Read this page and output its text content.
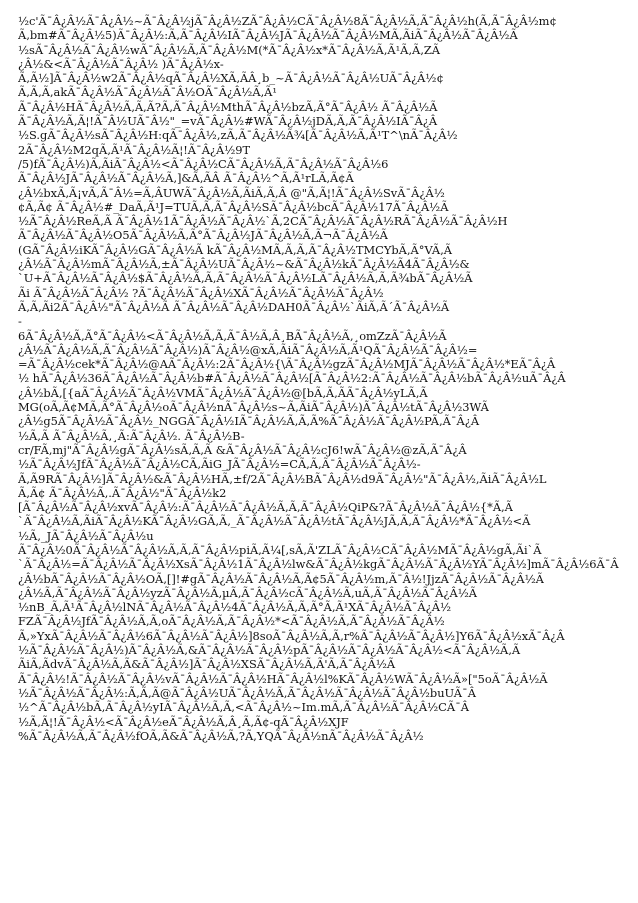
½c'Ã¯Â¿Â½Ã¯Â¿Â½~Ã¯Â¿Â½jÃ¯Â¿Â½ZÃ¯Â¿Â½CÃ¯Â¿Â½8Ã¯Â¿Â½Ã‚Ã¯Â¿Â½h(Ã‚Ã¯Â¿Â½m¢
Ã‚bm#Ã¯Â¿Â½5)Ã¯Â¿Â½:Ã‚Ã¯Â¿Â½IÃ¯Â¿Â½JÃ¯Â¿Â½Ã¯Â¿Â½MÃ‚ÃiÃ¯Â¿Â½Ã¯Â¿Â½Ã
½sÃ¯Â¿Â½Ã¯Â¿Â½wÃ¯Â¿Â½Ã‚Ã¯Â¿Â½M(*Ã¯Â¿Â½x*Ã¯Â¿Â½Ã‚Ã¹Ã‚Ã‚ZÃ
¿Â½&<Ã¯Â¿Â½Ã¯Â¿Â½ )Ã¯Â¿Â½x-
Ã‚Ã½]Ã¯Â¿Â½w2Ã¯Â¿Â½qÃ¯Â¿Â½XÃ‚ÃÂ¸b_~Ã¯Â¿Â½Ã¯Â¿Â½UÃ¯Â¿Â½¢
Ã‚Ã‚Ã‚akÃ¯Â¿Â½Ã¯Â¿Â½Ã¯Â½OÃ¯Â¿Â½Ã‚Ã¹
Ã¯Â¿Â½HÃ¯Â¿Â½Ã‚Ã‚Ã?Ã‚Ã¯Â¿Â½MthÃ¯Â¿Â½bzÃ‚Ã°Ã¯Â¿Â½ Ã¯Â¿Â½Ã
Ã¯Â¿Â½Ã‚Ã¦!Ã¯Â½UÃ¯Â½"_=vÃ¯Â¿Â½#WÃ¯Â¿Â½jDÃ‚Ã‚Ã¯Â¿Â½IÃ¯Â¿Â
½S.gÃ¯Â¿Â½sÃ¯Â¿Â½H:qÃ¯Â¿Â½,zÃ‚Ã¯Â¿Â½Ã¾[Ã¯Â¿Â½Ã‚Ã¹T^\nÃ¯Â¿Â½
2Ã¯Â¿Â½M2qÃ‚Ã¹Ã¯Â¿Â½Ã¦!Ã¯Â¿Â½9T
/5)fÃ¯Â¿Â½)Ã‚ÃiÃ¯Â¿Â½<Ã¯Â¿Â½CÃ¯Â¿Â½Ã‚Ã¯Â¿Â½Ã¯Â¿Â½6
Ã¯Â¿Â½JÃ¯Â¿Â½Ã¯Â¿Â½Ã‚]&Ã‚ÃÂ Ã¯Â¿Â½^Ã‚Ã¹rLÃ‚Ã¢Ã
¿Â½bxÃ‚Ã¡vÃ‚Ã¯Â½=Ã‚ÂUWÃ¯Â¿Â½Ã‚ÃiÃ‚Ã‚Â @"Ã‚Ã¦!Ã¯Â¿Â½SvÃ¯Â¿Â½
¢Ã‚Ã¢ Ã¯Â¿Â½#_DaÃ‚Ã¹J=TUÃ‚Ã‚Ã¯Â¿Â½SÃ¯Â¿Â½bcÃ¯Â¿Â½17Ã¯Â¿Â½Ã
½Ã¯Â¿Â½ReÃ‚Ã Ã¯Â¿Â½1Ã¯Â¿Â½Ã¯Â¿Â½`Ã‚2CÃ¯Â¿Â½Ã¯Â¿Â½RÃ¯Â¿Â½Ã¯Â¿Â½H
Ã¯Â¿Â½Ã¯Â¿Â½O5Ã¯Â¿Â½Ã‚Ã°Ã¯Â¿Â½JÃ¯Â¿Â½Ã‚Ã¬Ã¯Â¿Â½Ã
(GÃ¯Â¿Â½iKÃ¯Â¿Â½GÃ¯Â¿Â½Ã kÃ¯Â¿Â½MÃ‚Ã‚Ã‚Ã¯Â¿Â½TMCYbÃ‚Ã°VÃ‚Ã
¿Â½Ã¯Â¿Â½mÃ¯Â¿Â½Ã‚±Ã¯Â¿Â½UÃ¯Â¿Â½~&Ã¯Â¿Â½kÃ¯Â¿Â½Ã4Ã¯Â¿Â½&
`U+Ã¯Â¿Â½Ã¯Â¿Â½$Ã¯Â¿Â½Ã‚Ã‚Ã¯Â¿Â½Ã¯Â¿Â½LÃ¯Â¿Â½Ã‚Ã‚Ã¾bÃ¯Â¿Â½Ã
Ãi Ã¯Â¿Â½Ã¯Â¿Â½ ?Ã¯Â¿Â½Ã¯Â¿Â½XÃ¯Â¿Â½Ã¯Â¿Â½Ã¯Â¿Â½
Ã‚Ã‚Ãi2Ã¯Â¿Â½"Ã¯Â¿Â½Ã Ã¯Â¿Â½Ã¯Â¿Â½DAH0Ã¯Â¿Â½`ÃiÃ‚Ã´Ã¯Â¿Â½Ã
-
6Ã¯Â¿Â½Ã‚Ã°Ã¯Â¿Â½<Ã¯Â¿Â½Ã‚Ã‚Ã¯Â½Ã‚Â¸BÃ¯Â¿Â½Ã‚¸omZzÃ¯Â¿Â½Ã
¿Â½Ã¯Â¿Â½Ã,Ã¯Â¿Â½Ã¯Â¿Â½)Ã¯Â¿Â½@xÃ‚ÃiÃ¯Â¿Â½Ã‚Ã¹QÃ¯Â¿Â½Ã¯Â¿Â½=
=Ã¯Â¿Â½cek*Ã¯Â¿Â½@AÃ¯Â¿Â½:2Ã¯Â¿Â½{\Ã¯Â¿Â½gzÃ¯Â¿Â½MJÃ¯Â¿Â½Ã¯Â¿Â½*EÃ¯Â¿Â
½ hÃ¯Â¿Â½36Ã¯Â¿Â½Ã¯Â¿Â½b#Ã¯Â¿Â½Ã¯Â¿Â½[Ã¯Â¿Â½2:Ã¯Â¿Â½Ã¯Â¿Â½bÃ¯Â¿Â½uÃ¯Â¿Â
¿Â½bÃ‚[{aÃ¯Â¿Â½Ã¯Â¿Â½VMÃ¯Â¿Â½Ã¯Â¿Â½@[bÃ‚Ã‚ÃÃ¯Â¿Â½yLÃ‚Ã
MG(oÃ‚Ã¢MÃ‚Ã°Ã¯Â¿Â½oÃ¯Â¿Â½nÃ¯Â¿Â½s~Ã‚ÃiÃ¯Â¿Â½)Ã¯Â¿Â½tÃ¯Â¿Â½3WÃ
¿Â½g5Ã¯Â¿Â½Ã¯Â¿Â½_NGGÃ¯Â¿Â½IÃ¯Â¿Â½Ã‚Ã‚Ã%Ã¯Â¿Â½Ã¯Â¿Â½PÃ‚Ã¯Â¿Â
½Ã‚Ã Ã¯Â¿Â½Ã‚¸Ã:Ã¯Â¿Â½. Ã¯Â¿Â½B-
cr/FÃ‚mj"Ã¯Â¿Â½gÃ¯Â¿Â½sÃ‚Ã‚Ã &Ã¯Â¿Â½Ã¯Â¿Â½cJ6!wÃ¯Â¿Â½@zÃ‚Ã¯Â¿Â
½Ã¯Â¿Â½JfÃ¯Â¿Â½Ã¯Â¿Â½CÃ‚ÃiG_JÃ¯Â¿Â½=CÃ‚Ã‚Ã¯Â¿Â½Ã¯Â¿Â½-
Ã‚Ã9RÃ¯Â¿Â½]Ã¯Â¿Â½&Ã¯Â¿Â½HÃ‚±f/2Ã¯Â¿Â½BÃ¯Â¿Â½d9Ã¯Â¿Â½"Ã¯Â¿Â½,ÃiÃ¯Â¿Â½L
Ã‚Ã¢ Ã¯Â¿Â½Ã‚.Ã¯Â¿Â½"Ã¯Â¿Â½k2
[Ã¯Â¿Â½Ã¯Â¿Â½xvÃ¯Â¿Â½:Ã¯Â¿Â½Ã¯Â¿Â½Ã‚Ã‚Ã¯Â¿Â½QiP&?Ã¯Â¿Â½Ã¯Â¿Â½{*Ã‚Ã
`Ã¯Â¿Â½Ã‚ÃiÃ¯Â¿Â½KÃ¯Â¿Â½GÃ‚Ã‚_Ã¯Â¿Â½Ã¯Â¿Â½tÃ¯Â¿Â½JÃ‚Ã‚Ã¯Â¿Â½*Ã¯Â¿Â½<Ã
½Ã‚_JÃ¯Â¿Â½Ã¯Â¿Â½u
Ã¯Â¿Â½0Ã¯Â¿Â½Ã¯Â¿Â½Ã‚Ã‚Ã¯Â¿Â½piÃ‚Ã¼[,sÃ‚Ã'ZLÃ¯Â¿Â½CÃ¯Â¿Â½MÃ¯Â¿Â½gÃ‚Ãi`Ã
`Ã¯Â¿Â½=Ã¯Â¿Â½Ã¯Â¿Â½XsÃ¯Â¿Â½1Ã¯Â¿Â½lw&Ã¯Â¿Â½kgÃ¯Â¿Â½Ã¯Â¿Â½YÃ¯Â¿Â½]mÃ¯Â¿Â½6Ã¯Â
¿Â½bÃ¯Â¿Â½Ã¯Â¿Â½OÃ‚[]!#gÃ¯Â¿Â½Ã¯Â¿Â½Ã‚Ã¢5Ã¯Â¿Â½m,Ã¯Â½!JjzÃ¯Â¿Â½Ã¯Â¿Â½Ã
¿Â½Ã‚Ã¯Â¿Â½Ã¯Â¿Â½yzÃ¯Â¿Â½Ã‚µÃ‚Ã¯Â¿Â½cÃ¯Â¿Â½Ã‚uÃ‚Ã¯Â¿Â½Ã¯Â¿Â½Ã
½nB_Ã‚Ã¹Ã¯Â¿Â½lNÃ¯Â¿Â½Ã¯Â¿Â½4Ã¯Â¿Â½Ã‚Ã‚Ã°Ã‚Ã¹XÃ¯Â¿Â½Ã¯Â¿Â½
FZÃ¯Â¿Â½JfÃ¯Â¿Â½Ã‚Ã‚oÃ¯Â¿Â½Ã‚Ã¯Â¿Â½*<Ã¯Â¿Â½Ã‚Ã¯Â¿Â½Ã¯Â¿Â½
Ã‚»YxÃ¯Â¿Â½Ã¯Â¿Â½6Ã¯Â¿Â½Ã¯Â¿Â½]8soÃ¯Â¿Â½Ã‚Ã‚r%Ã¯Â¿Â½Ã¯Â¿Â½]Y6Ã¯Â¿Â½xÃ¯Â¿Â
½Ã¯Â¿Â½Ã¯Â¿Â½)Ã¯Â¿Â½Ã‚&Ã¯Â¿Â½Ã¯Â¿Â½pÃ¯Â¿Â½Ã¯Â¿Â½Ã¯Â¿Â½<Ã¯Â¿Â½Ã‚Ã
ÃiÃ‚ÃdvÃ¯Â¿Â½Ã‚Ã&Ã¯Â¿Â½]Ã¯Â¿Â½XSÃ¯Â¿Â½Ã‚Ã'Ã‚Ã¯Â¿Â½Ã
Ã¯Â¿Â½!Ã¯Â¿Â½Ã¯Â¿Â½vÃ¯Â¿Â½Ã¯Â¿Â½HÃ¯Â¿Â½l%KÃ¯Â¿Â½WÃ¯Â¿Â½Ã»["5oÃ¯Â¿Â½Ã
½Ã¯Â¿Â½Ã¯Â¿Â½:Ã‚Ã‚Ã@Ã¯Â¿Â½UÃ¯Â¿Â½Ã‚Ã¯Â¿Â½Ã¯Â¿Â½Ã¯Â¿Â½buUÃ¯Â
½^Ã¯Â¿Â½bÃ‚Ã¯Â¿Â½yIÃ¯Â¿Â½Ã‚Ã‚<Ã¯Â¿Â½~Im.mÃ‚Ã¯Â¿Â½Ã¯Â¿Â½CÃ¯Â
½Ã‚Ã¦!Ã¯Â¿Â½<Ã¯Â¿Â½eÃ¯Â¿Â½Ã‚Â¸Ã‚Ã¢-qÃ¯Â¿Â½XJF
%Ã¯Â¿Â½Ã‚Ã¯Â¿Â½fOÃ‚Ã&Ã¯Â¿Â½Ã‚?Ã‚YQÃ¯Â¿Â½nÃ¯Â¿Â½Ã¯Â¿Â½
